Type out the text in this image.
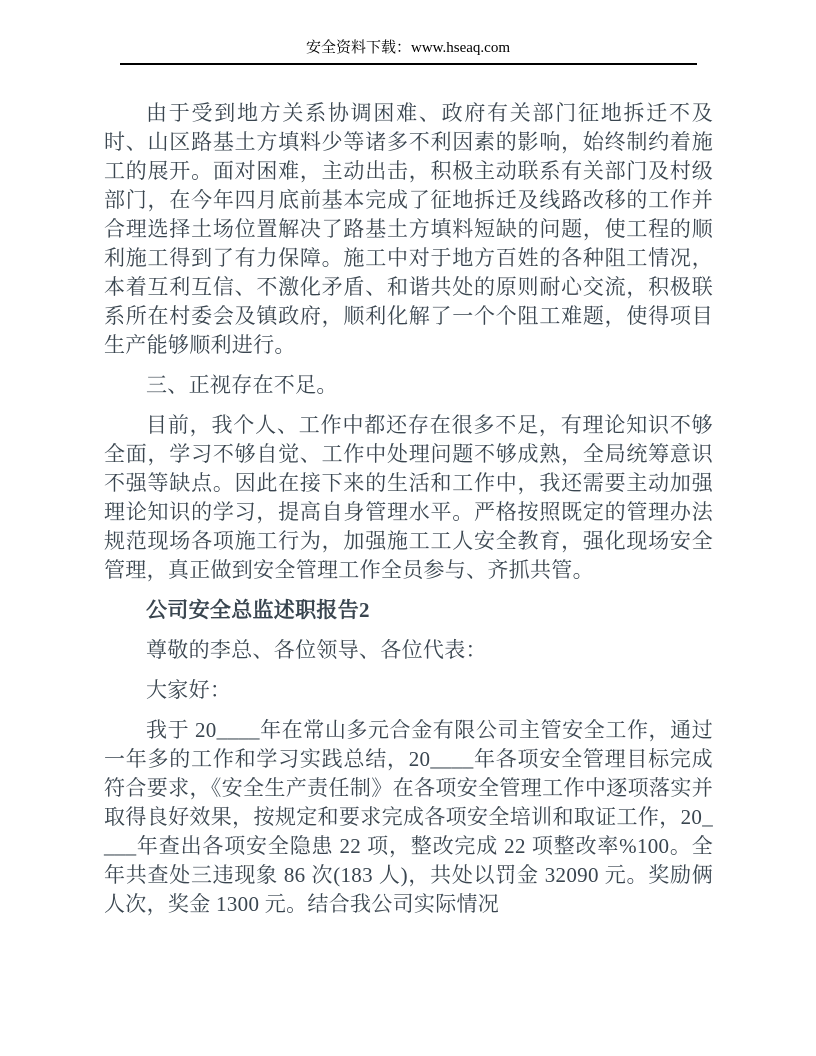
安全资料下载：www.hseaq.com

由于受到地方关系协调困难、政府有关部门征地拆迁不及时、山区路基土方填料少等诸多不利因素的影响，始终制约着施工的展开。面对困难，主动出击，积极主动联系有关部门及村级部门，在今年四月底前基本完成了征地拆迁及线路改移的工作并合理选择土场位置解决了路基土方填料短缺的问题，使工程的顺利施工得到了有力保障。施工中对于地方百姓的各种阻工情况，本着互利互信、不激化矛盾、和谐共处的原则耐心交流，积极联系所在村委会及镇政府，顺利化解了一个个阻工难题，使得项目生产能够顺利进行。

三、正视存在不足。

目前，我个人、工作中都还存在很多不足，有理论知识不够全面，学习不够自觉、工作中处理问题不够成熟，全局统筹意识不强等缺点。因此在接下来的生活和工作中，我还需要主动加强理论知识的学习，提高自身管理水平。严格按照既定的管理办法规范现场各项施工行为，加强施工工人安全教育，强化现场安全管理，真正做到安全管理工作全员参与、齐抓共管。

公司安全总监述职报告2

尊敬的李总、各位领导、各位代表：

大家好：

我于 20____年在常山多元合金有限公司主管安全工作，通过一年多的工作和学习实践总结，20____年各项安全管理目标完成符合要求，《安全生产责任制》在各项安全管理工作中逐项落实并取得良好效果，按规定和要求完成各项安全培训和取证工作，20____年查出各项安全隐患 22 项，整改完成 22 项整改率%100。全年共查处三违现象 86 次(183 人)，共处以罚金 32090 元。奖励俩人次，奖金 1300 元。结合我公司实际情况
